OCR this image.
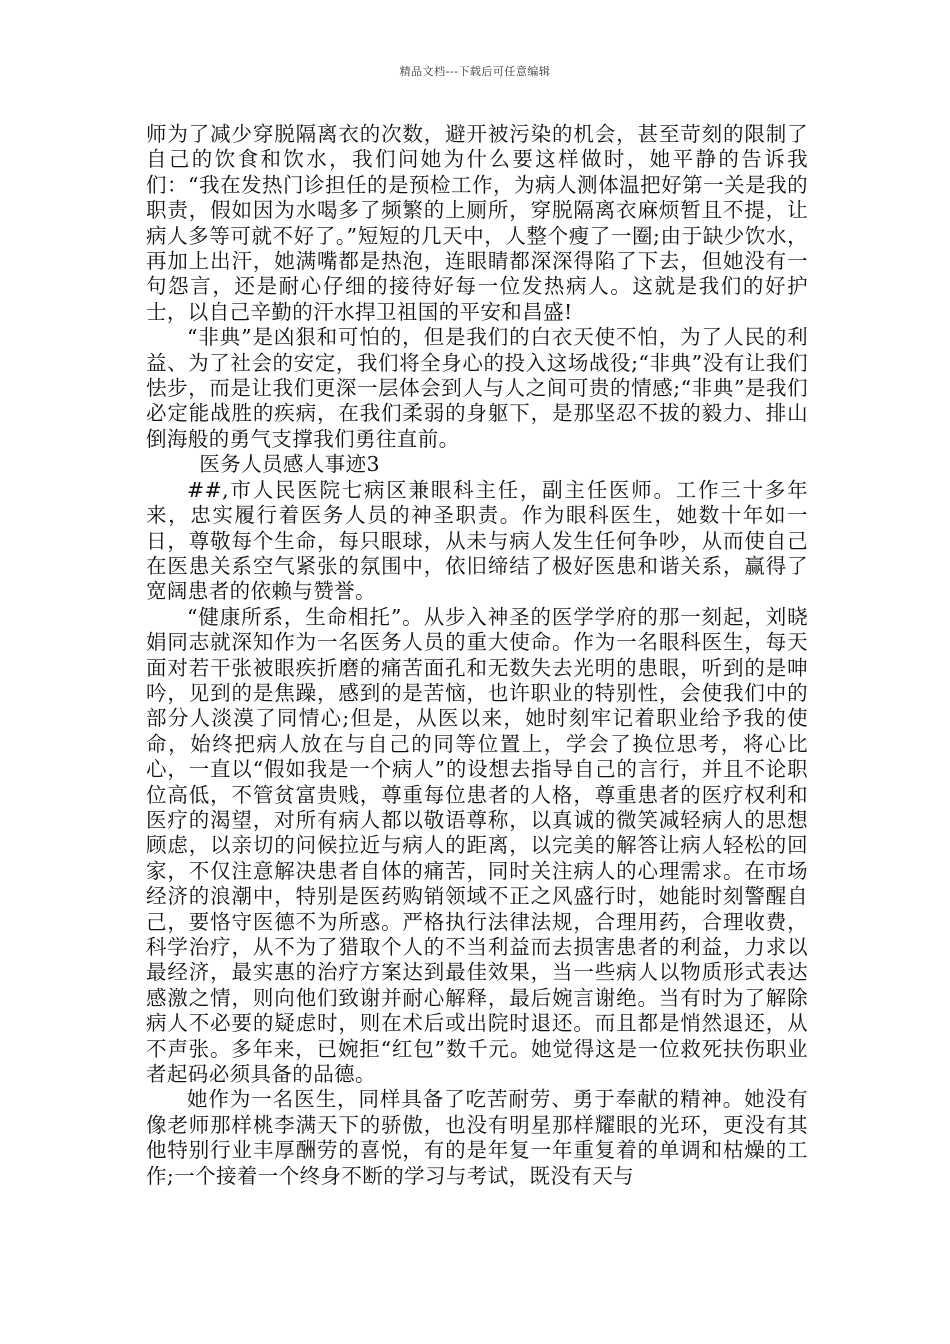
精品文档---下载后可任意编辑

师为了减少穿脱隔离衣的次数，避开被污染的机会，甚至苛刻的限制了自己的饮食和饮水，我们问她为什么要这样做时，她平静的告诉我们：“我在发热门诊担任的是预检工作，为病人测体温把好第一关是我的职责，假如因为水喝多了频繁的上厕所，穿脱隔离衣麻烦暂且不提，让病人多等可就不好了。”短短的几天中，人整个瘦了一圈;由于缺少饮水，再加上出汗，她满嘴都是热泡，连眼睛都深深得陷了下去，但她没有一句怨言，还是耐心仔细的接待好每一位发热病人。这就是我们的好护士，以自己辛勤的汗水捍卫祖国的平安和昌盛!

“非典”是凶狠和可怕的，但是我们的白衣天使不怕，为了人民的利益、为了社会的安定，我们将全身心的投入这场战役;“非典”没有让我们怯步，而是让我们更深一层体会到人与人之间可贵的情感;“非典”是我们必定能战胜的疾病，在我们柔弱的身躯下，是那坚忍不拔的毅力、排山倒海般的勇气支撑我们勇往直前。

医务人员感人事迹3

##,市人民医院七病区兼眼科主任，副主任医师。工作三十多年来，忠实履行着医务人员的神圣职责。作为眼科医生，她数十年如一日，尊敬每个生命，每只眼球，从未与病人发生任何争吵，从而使自己在医患关系空气紧张的氛围中，依旧缔结了极好医患和谐关系，赢得了宽阔患者的依赖与赞誉。

“健康所系，生命相托”。从步入神圣的医学学府的那一刻起，刘晓娟同志就深知作为一名医务人员的重大使命。作为一名眼科医生，每天面对若干张被眼疾折磨的痛苦面孔和无数失去光明的患眼，听到的是呻吟，见到的是焦躁，感到的是苦恼，也许职业的特别性，会使我们中的部分人淡漠了同情心;但是，从医以来，她时刻牢记着职业给予我的使命，始终把病人放在与自己的同等位置上，学会了换位思考，将心比心，一直以“假如我是一个病人”的设想去指导自己的言行，并且不论职位高低，不管贫富贵贱，尊重每位患者的人格，尊重患者的医疗权利和医疗的渴望，对所有病人都以敬语尊称，以真诚的微笑减轻病人的思想顾虑，以亲切的问候拉近与病人的距离，以完美的解答让病人轻松的回家，不仅注意解决患者自体的痛苦，同时关注病人的心理需求。在市场经济的浪潮中，特别是医药购销领域不正之风盛行时，她能时刻警醒自己，要恪守医德不为所惑。严格执行法律法规，合理用药，合理收费，科学治疗，从不为了猎取个人的不当利益而去损害患者的利益，力求以最经济，最实惠的治疗方案达到最佳效果，当一些病人以物质形式表达感激之情，则向他们致谢并耐心解释，最后婉言谢绝。当有时为了解除病人不必要的疑虑时，则在术后或出院时退还。而且都是悄然退还，从不声张。多年来，已婉拒“红包”数千元。她觉得这是一位救死扶伤职业者起码必须具备的品德。

她作为一名医生，同样具备了吃苦耐劳、勇于奉献的精神。她没有像老师那样桃李满天下的骄傲，也没有明星那样耀眼的光环，更没有其他特别行业丰厚酬劳的喜悦，有的是年复一年重复着的单调和枯燥的工作;一个接着一个终身不断的学习与考试，既没有天与
